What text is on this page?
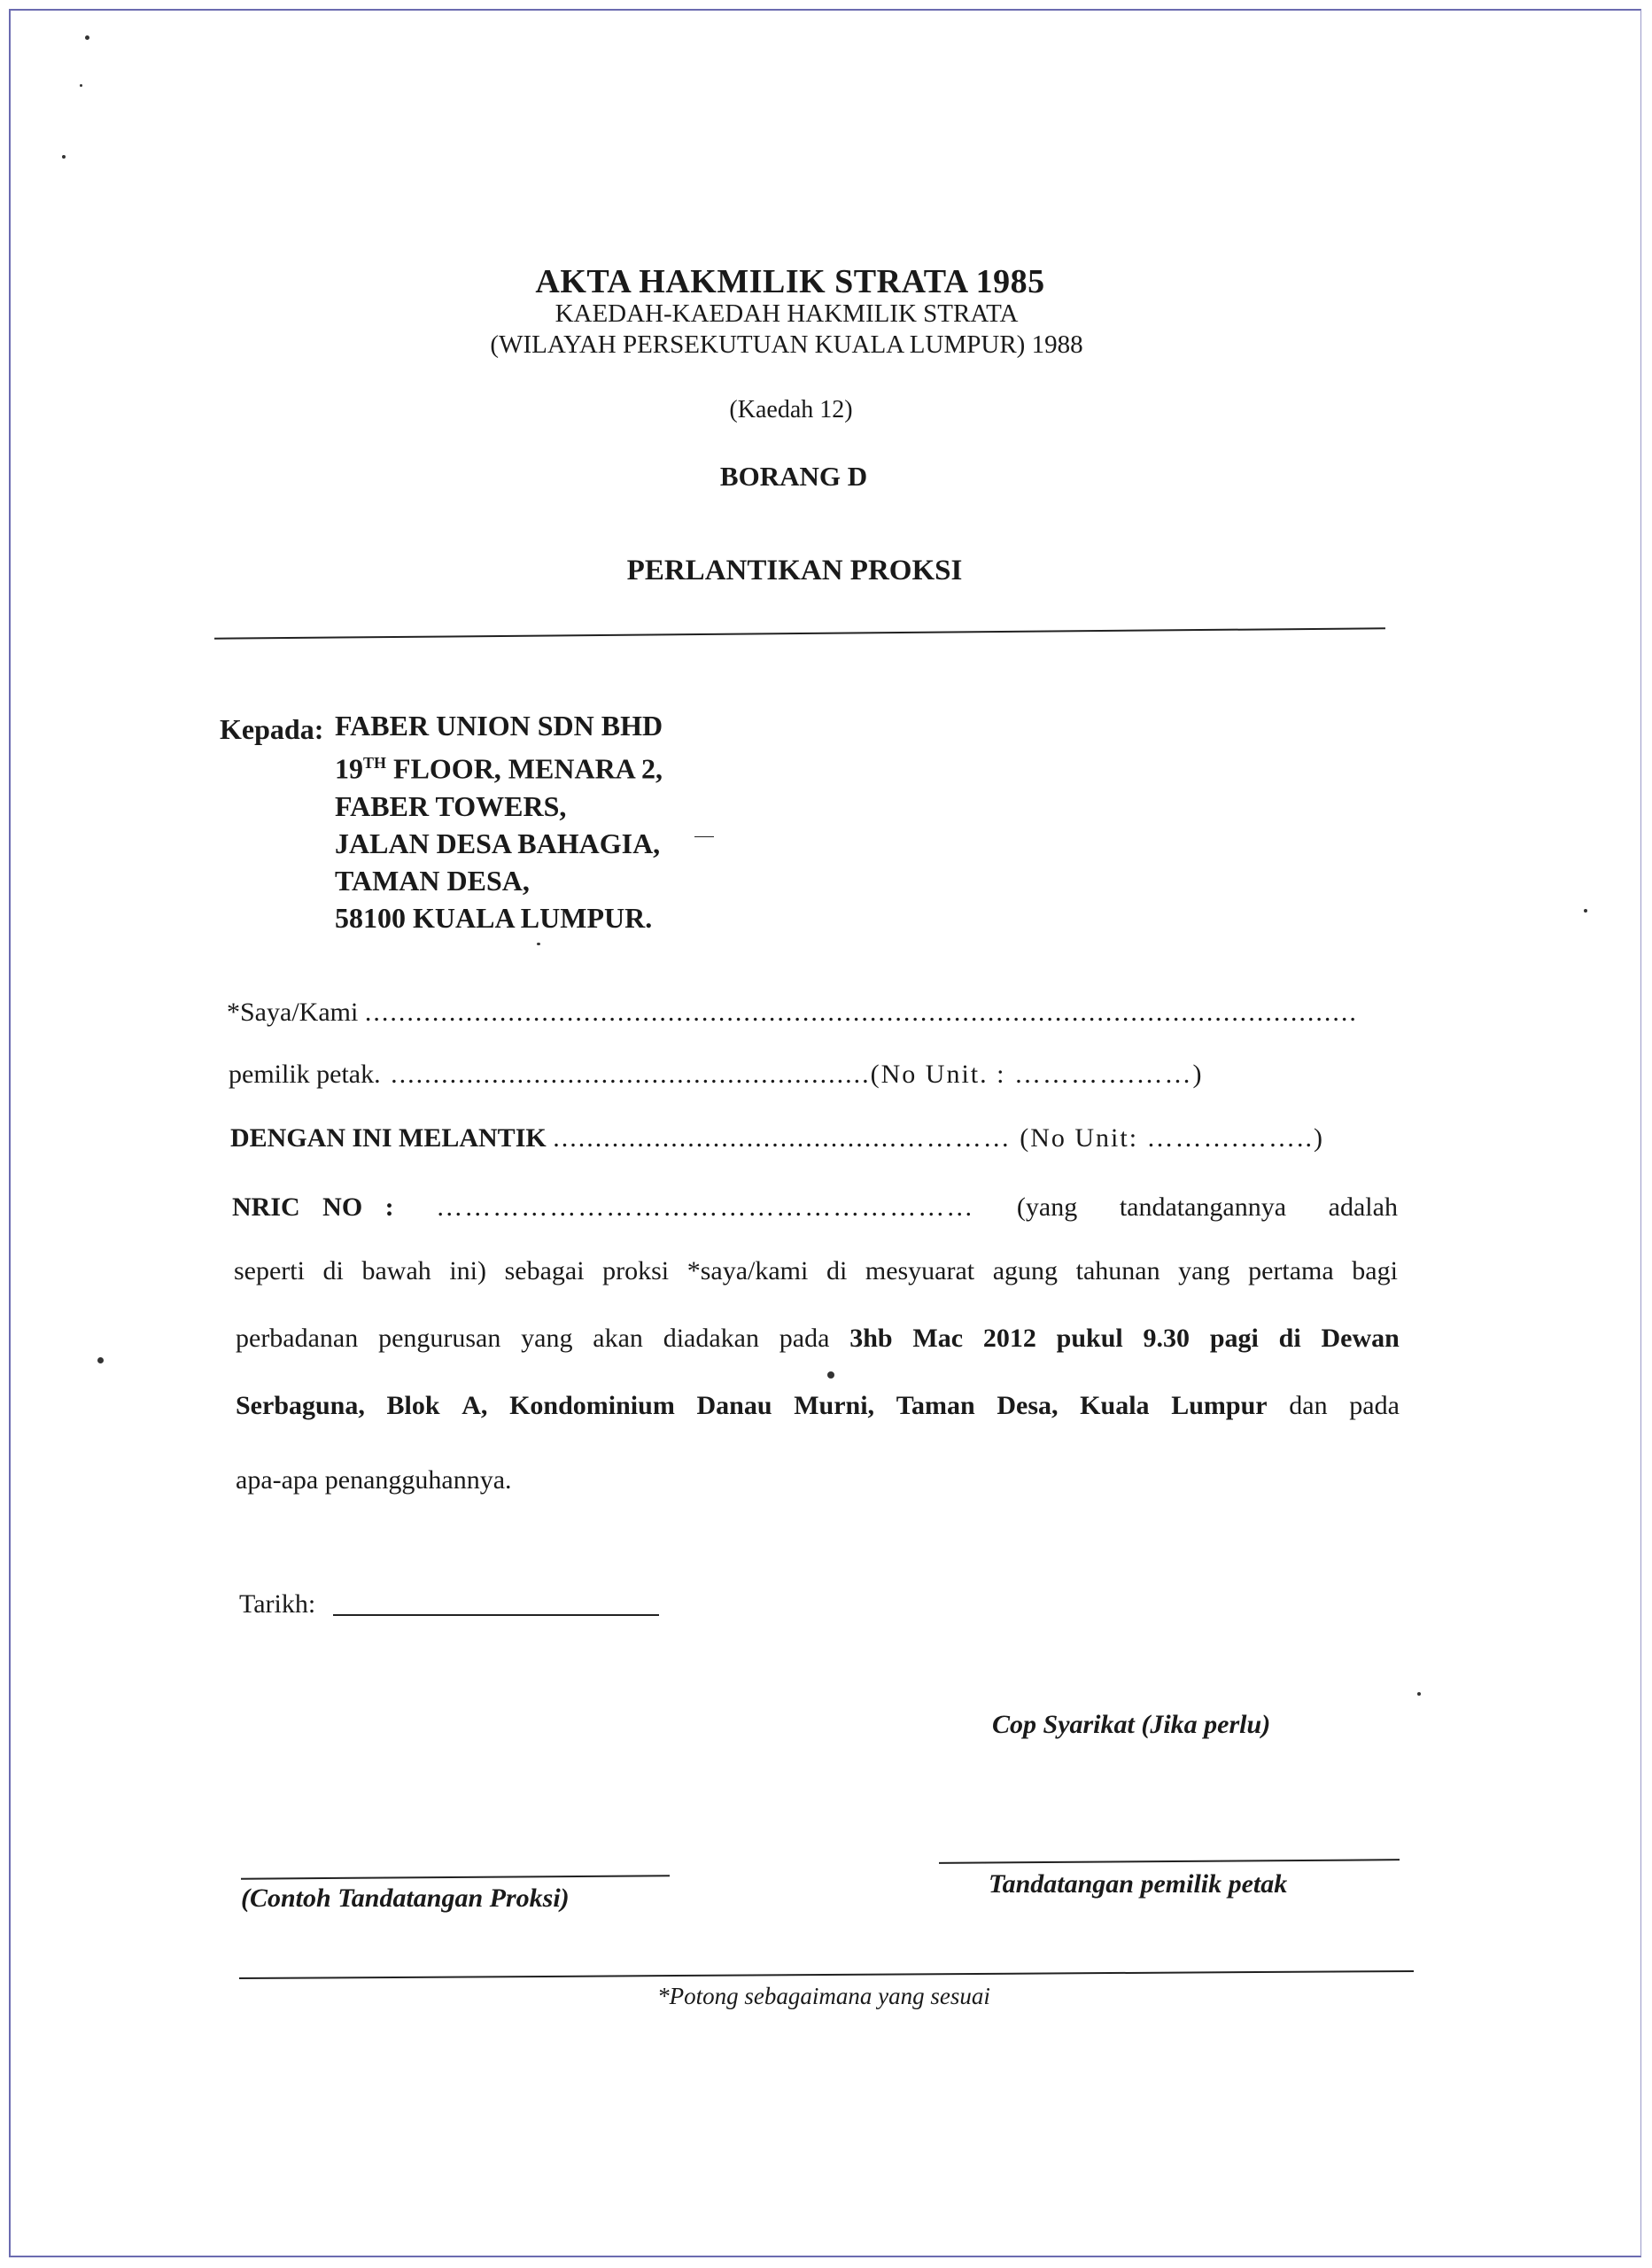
AKTA HAKMILIK STRATA 1985
KAEDAH-KAEDAH HAKMILIK STRATA
(WILAYAH PERSEKUTUAN KUALA LUMPUR) 1988
(Kaedah 12)
BORANG D
PERLANTIKAN PROKSI
Kepada: FABER UNION SDN BHD
19TH FLOOR, MENARA 2,
FABER TOWERS,
JALAN DESA BAHAGIA,
TAMAN DESA,
58100 KUALA LUMPUR.
*Saya/Kami ......................................................................................................................
pemilik petak. .........................................................(No Unit. : ………….……)
DENGAN INI MELANTIK .........................................………… (No Unit: ……….……..)
NRIC NO : ………………………………………………… (yang tandatangannya adalah
seperti di bawah ini) sebagai proksi *saya/kami di mesyuarat agung tahunan yang pertama bagi
perbadanan pengurusan yang akan diadakan pada 3hb Mac 2012 pukul 9.30 pagi di Dewan
Serbaguna, Blok A, Kondominium Danau Murni, Taman Desa, Kuala Lumpur dan pada
apa-apa penangguhannya.
Tarikh:
Cop Syarikat (Jika perlu)
(Contoh Tandatangan Proksi)	Tandatangan pemilik petak
*Potong sebagaimana yang sesuai
